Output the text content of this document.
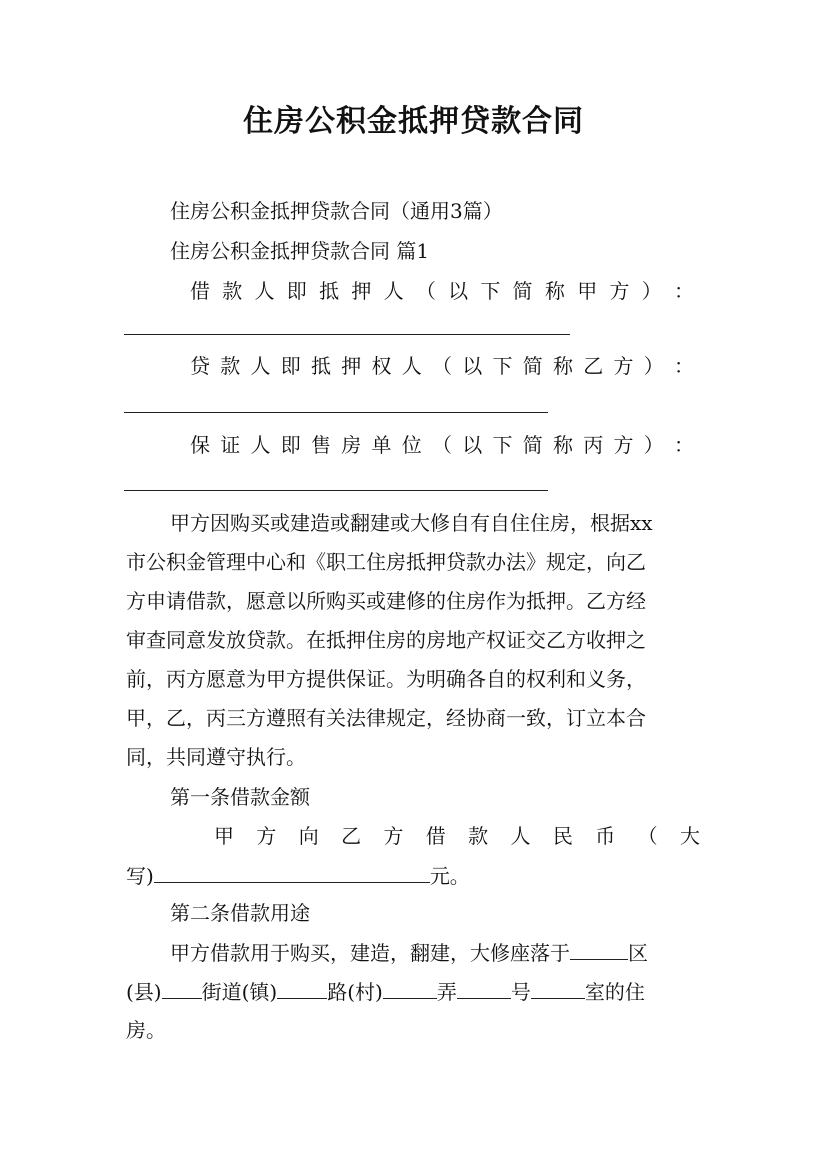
住房公积金抵押贷款合同
住房公积金抵押贷款合同（通用3篇）
住房公积金抵押贷款合同 篇1
借 款 人 即 抵 押 人 （ 以 下 简 称 甲 方 ） ：
贷 款 人 即 抵 押 权 人 （ 以 下 简 称 乙 方 ） ：
保 证 人 即 售 房 单 位 （ 以 下 简 称 丙 方 ） ：
甲方因购买或建造或翻建或大修自有自住住房，根据xx
市公积金管理中心和《职工住房抵押贷款办法》规定，向乙
方申请借款，愿意以所购买或建修的住房作为抵押。乙方经
审查同意发放贷款。在抵押住房的房地产权证交乙方收押之
前，丙方愿意为甲方提供保证。为明确各自的权利和义务，
甲，乙，丙三方遵照有关法律规定，经协商一致，订立本合
同，共同遵守执行。
第一条借款金额
甲 方 向 乙 方 借 款 人 民 币 （ 大
写)	元。
第二条借款用途
甲方借款用于购买，建造，翻建，大修座落于	区
(县) 街道(镇)	路(村)	弄	号	室的住
房。
